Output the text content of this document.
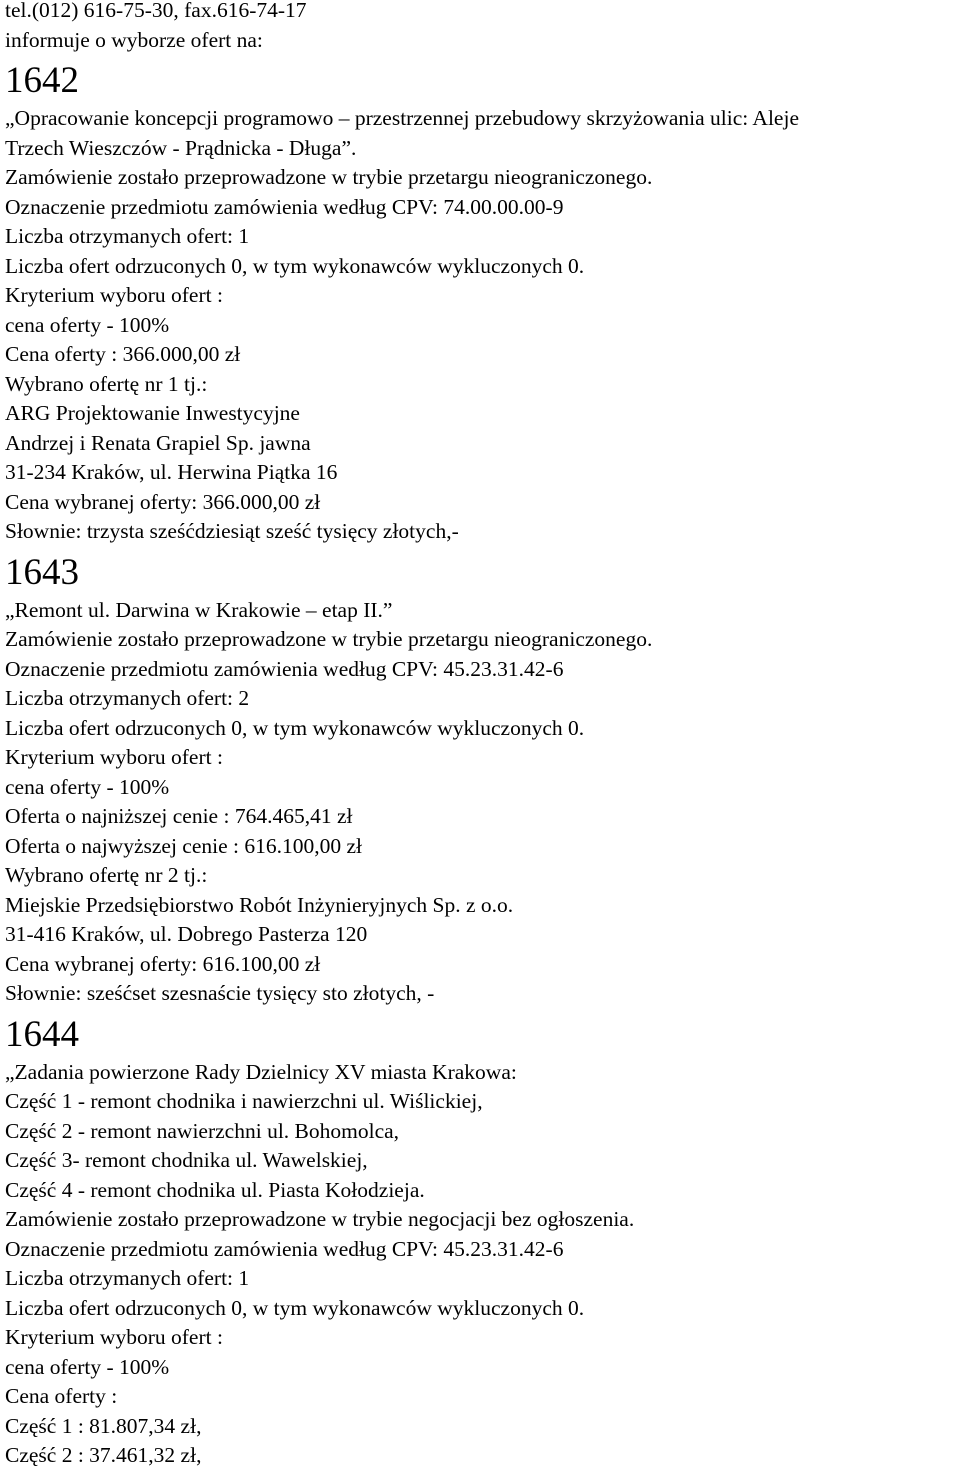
tel.(012) 616-75-30, fax.616-74-17
informuje o wyborze ofert na:
1642
„Opracowanie koncepcji programowo – przestrzennej przebudowy skrzyżowania ulic: Aleje
Trzech Wieszczów - Prądnicka - Długa”.
Zamówienie zostało przeprowadzone w trybie przetargu nieograniczonego.
Oznaczenie przedmiotu zamówienia według CPV: 74.00.00.00-9
Liczba otrzymanych ofert: 1
Liczba ofert odrzuconych 0, w tym wykonawców wykluczonych 0.
Kryterium wyboru ofert :
cena oferty - 100%
Cena oferty : 366.000,00 zł
Wybrano ofertę nr 1 tj.:
ARG Projektowanie Inwestycyjne
Andrzej i Renata Grapiel Sp. jawna
31-234 Kraków, ul. Herwina Piątka 16
Cena wybranej oferty: 366.000,00 zł
Słownie: trzysta sześćdziesiąt sześć tysięcy złotych,-
1643
„Remont ul. Darwina w Krakowie – etap II.”
Zamówienie zostało przeprowadzone w trybie przetargu nieograniczonego.
Oznaczenie przedmiotu zamówienia według CPV: 45.23.31.42-6
Liczba otrzymanych ofert: 2
Liczba ofert odrzuconych 0, w tym wykonawców wykluczonych 0.
Kryterium wyboru ofert :
cena oferty - 100%
Oferta o najniższej cenie : 764.465,41 zł
Oferta o najwyższej cenie : 616.100,00 zł
Wybrano ofertę nr 2 tj.:
Miejskie Przedsiębiorstwo Robót Inżynieryjnych Sp. z o.o.
31-416 Kraków, ul. Dobrego Pasterza 120
Cena wybranej oferty: 616.100,00 zł
Słownie: sześćset szesnaście tysięcy sto złotych, -
1644
„Zadania powierzone Rady Dzielnicy XV miasta Krakowa:
Część 1 - remont chodnika i nawierzchni ul. Wiślickiej,
Część 2 - remont nawierzchni ul. Bohomolca,
Część 3- remont chodnika ul. Wawelskiej,
Część 4 - remont chodnika ul. Piasta Kołodzieja.
Zamówienie zostało przeprowadzone w trybie negocjacji bez ogłoszenia.
Oznaczenie przedmiotu zamówienia według CPV: 45.23.31.42-6
Liczba otrzymanych ofert: 1
Liczba ofert odrzuconych 0, w tym wykonawców wykluczonych 0.
Kryterium wyboru ofert :
cena oferty - 100%
Cena oferty :
Część 1 : 81.807,34 zł,
Część 2 : 37.461,32 zł,
